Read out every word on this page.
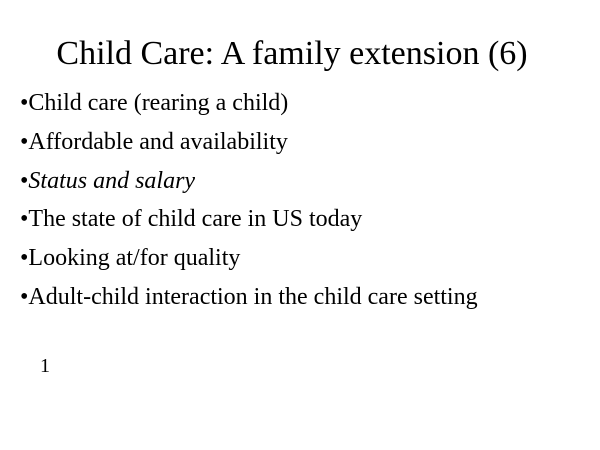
Child Care: A family extension (6)
•Child care (rearing a child)
•Affordable and availability
•Status and salary
•The state of child care in US today
•Looking at/for quality
•Adult-child interaction in the child care setting
1
